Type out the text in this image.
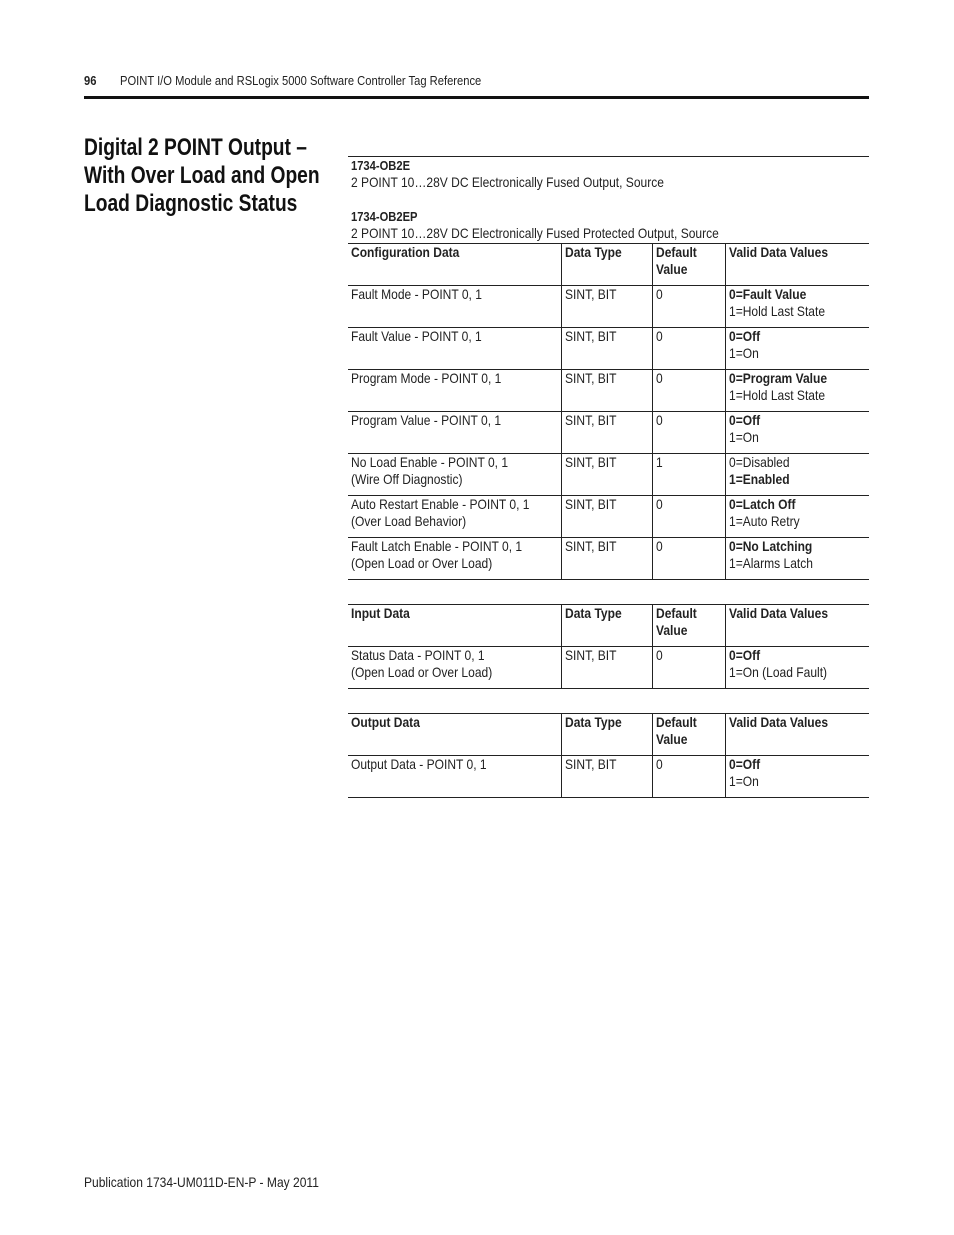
96 POINT I/O Module and RSLogix 5000 Software Controller Tag Reference
Digital 2 POINT Output –
With Over Load and Open
Load Diagnostic Status
1734-OB2E
2 POINT 10…28V DC Electronically Fused Output, Source
1734-OB2EP
2 POINT 10…28V DC Electronically Fused Protected Output, Source
Configuration Data	Data Type	Default
Value	Valid Data Values

Fault Mode - POINT 0, 1	SINT, BIT	0	0=Fault Value
1=Hold Last State

Fault Value - POINT 0, 1	SINT, BIT	0	0=Off
1=On

Program Mode - POINT 0, 1	SINT, BIT	0	0=Program Value
1=Hold Last State

Program Value - POINT 0, 1	SINT, BIT	0	0=Off
1=On

No Load Enable - POINT 0, 1
(Wire Off Diagnostic)	SINT, BIT	1	0=Disabled
1=Enabled

Auto Restart Enable - POINT 0, 1
(Over Load Behavior)	SINT, BIT	0	0=Latch Off
1=Auto Retry

Fault Latch Enable - POINT 0, 1
(Open Load or Over Load)	SINT, BIT	0	0=No Latching
1=Alarms Latch
Input Data	Data Type	Default
Value	Valid Data Values

Status Data - POINT 0, 1
(Open Load or Over Load)	SINT, BIT	0	0=Off
1=On (Load Fault)
Output Data	Data Type	Default
Value	Valid Data Values

Output Data - POINT 0, 1	SINT, BIT	0	0=Off
1=On
Publication 1734-UM011D-EN-P - May 2011
